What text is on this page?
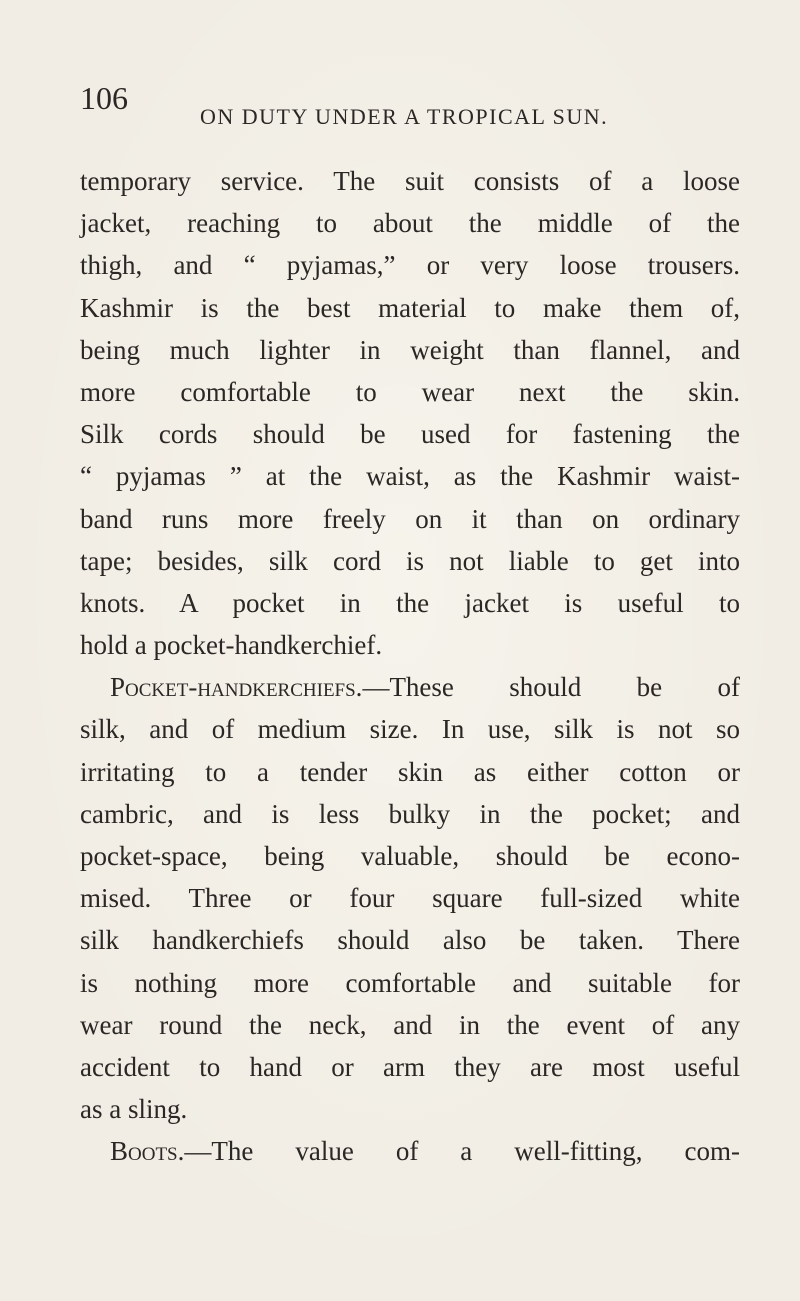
106
ON DUTY UNDER A TROPICAL SUN.
temporary service. The suit consists of a loose
jacket, reaching to about the middle of the
thigh, and “ pyjamas,” or very loose trousers.
Kashmir is the best material to make them of,
being much lighter in weight than flannel, and
more comfortable to wear next the skin.
Silk cords should be used for fastening the
“ pyjamas ” at the waist, as the Kashmir waist-
band runs more freely on it than on ordinary
tape; besides, silk cord is not liable to get into
knots. A pocket in the jacket is useful to
hold a pocket-handkerchief.
Pocket-handkerchiefs.—These should be of
silk, and of medium size. In use, silk is not so
irritating to a tender skin as either cotton or
cambric, and is less bulky in the pocket; and
pocket-space, being valuable, should be econo-
mised. Three or four square full-sized white
silk handkerchiefs should also be taken. There
is nothing more comfortable and suitable for
wear round the neck, and in the event of any
accident to hand or arm they are most useful
as a sling.
Boots.—The value of a well-fitting, com-
